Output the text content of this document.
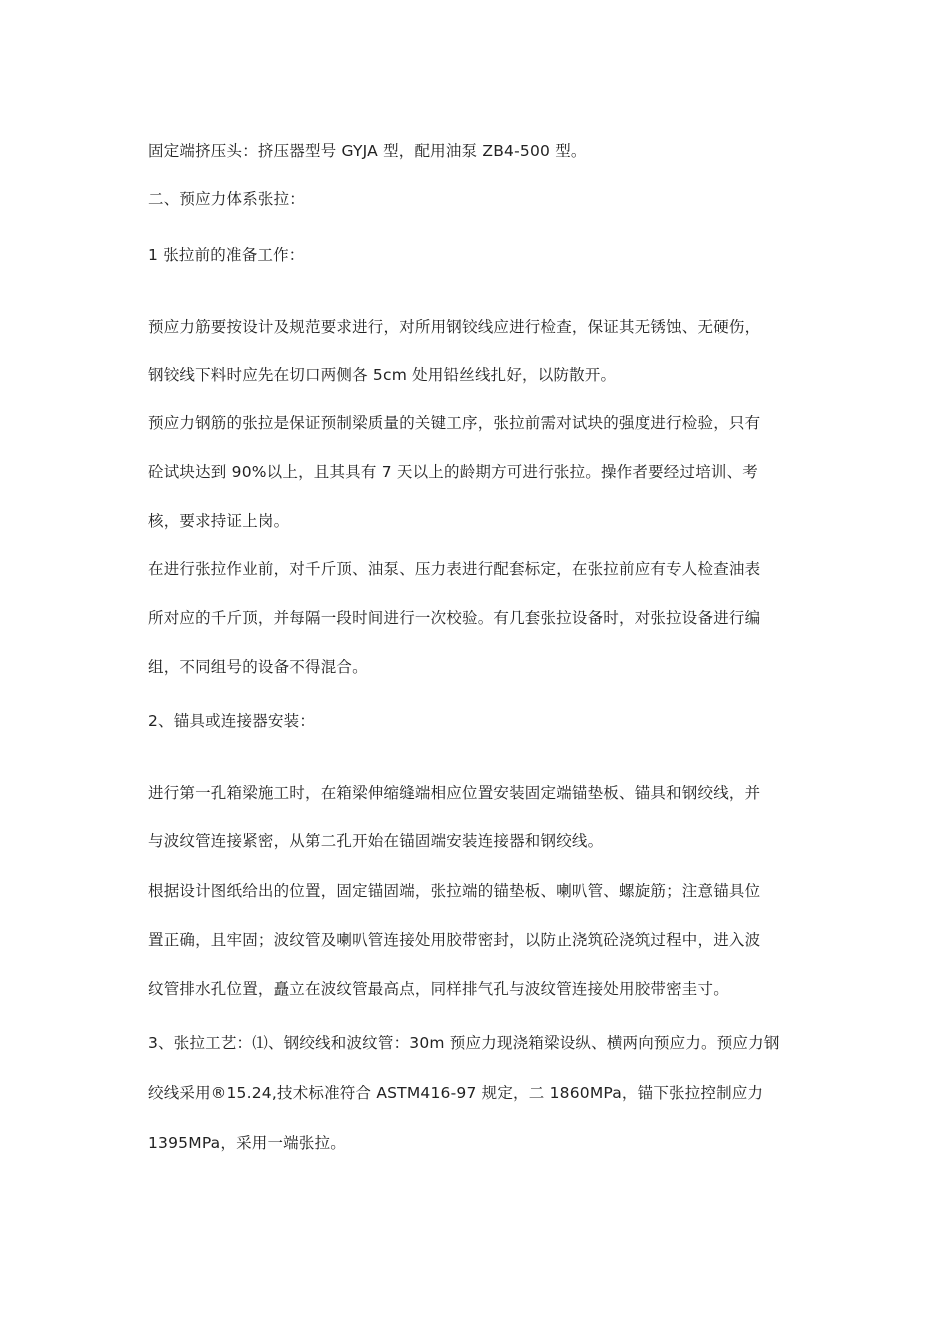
固定端挤压头：挤压器型号 GYJA 型，配用油泵 ZB4-500 型。
二、预应力体系张拉：
1 张拉前的准备工作：
预应力筋要按设计及规范要求进行，对所用钢铰线应进行检查，保证其无锈蚀、无硬伤，
钢铰线下料时应先在切口两侧各 5cm 处用铅丝线扎好，以防散开。
预应力钢筋的张拉是保证预制梁质量的关键工序，张拉前需对试块的强度进行检验，只有
砼试块达到 90%以上，且其具有 7 天以上的龄期方可进行张拉。操作者要经过培训、考
核，要求持证上岗。
在进行张拉作业前，对千斤顶、油泵、压力表进行配套标定，在张拉前应有专人检查油表
所对应的千斤顶，并每隔一段时间进行一次校验。有几套张拉设备时，对张拉设备进行编
组，不同组号的设备不得混合。
2、锚具或连接器安装：
进行第一孔箱梁施工时，在箱梁伸缩缝端相应位置安装固定端锚垫板、锚具和钢绞线，并
与波纹管连接紧密，从第二孔开始在锚固端安装连接器和钢绞线。
根据设计图纸给出的位置，固定锚固端，张拉端的锚垫板、喇叭管、螺旋筋；注意锚具位
置正确，且牢固；波纹管及喇叭管连接处用胶带密封，以防止浇筑砼浇筑过程中，进入波
纹管排水孔位置，矗立在波纹管最高点，同样排气孔与波纹管连接处用胶带密圭寸。
3、张拉工艺：⑴、钢绞线和波纹管：30m 预应力现浇箱梁设纵、横两向预应力。预应力钢
绞线采用®15.24,技术标准符合 ASTM416-97 规定，二 1860MPa，锚下张拉控制应力
1395MPa，采用一端张拉。
